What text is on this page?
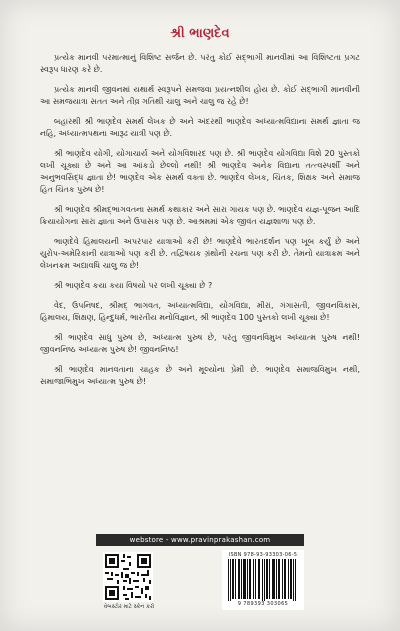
શ્રી ભાણદેવ

પ્રત્યેક માનવી પરમાત્માનું વિશિષ્ટ સર્જન છે. પરંતુ કોઈ સદ્ભાગી માનવીમાં આ વિશિષ્ટતા પ્રગટ સ્વરૂપ ધારણ કરે છે.

પ્રત્યેક માનવી જીવનમાં યથાર્થ સ્વરૂપને સમજવા પ્રયત્નશીલ હોય છે. કોઈ સદ્ભાગી માનવીની આ સમજયાત્રા સતત અને તીવ્ર ગતિથી ચાલુ અને ચાલુ જ રહે છે!

બહારથી શ્રી ભાણદેવ સમર્થ લેખક છે અને અંદરથી ભાણદેવ અધ્યાત્મવિદ્યાના સમર્થ જ્ઞાતા જ નહિ, અધ્યાત્મપથના આરૂઢ યાત્રી પણ છે.

શ્રી ભાણદેવ યોગી, યોગાચાર્ય અને યોગવિશારદ પણ છે. શ્રી ભાણદેવ યોગવિદ્યા વિશે 20 પુસ્તકો લખી ચૂક્યા છે અને આ આંકડો છેલ્લો નથી! શ્રી ભાણદેવ અનેક વિદ્યાના તત્ત્વસ્પર્શી અને અનુભવસિદ્ધ જ્ઞાતા છે! ભાણદેવ એક સમર્થ વક્તા છે. ભાણદેવ લેખક, ચિંતક, શિક્ષક અને સમાજ હિત ચિંતક પુરુષ છે!

શ્રી ભાણદેવ શ્રીમદ્ભાગવતના સમર્થ કથાકાર અને સારા ગાયક પણ છે. ભાણદેવ યજ્ઞ-પૂજન આદિ ક્રિયાયોગના સારા જ્ઞાતા અને ઉપાસક પણ છે. આશ્રમમાં એક જીવંત યજ્ઞશાળા પણ છે.

ભાણદેવે હિમાલયની અપરંપાર યાત્રાઓ કરી છે! ભાણદેવે ભારતદર્શન પણ ખૂબ કર્યું છે અને યુરોપ-અમેરિકાની યાત્રાઓ પણ કરી છે. તદ્વિષયક ગ્રંથોની રચના પણ કરી છે. તેમનો યાત્રાક્રમ અને લેખનક્રમ અદ્યાવધિ ચાલુ જ છે!

શ્રી ભાણદેવ કયા કયા વિષયો પર લખી ચૂક્યા છે ?

વેદ, ઉપનિષદ, શ્રીમદ્ ભાગવત, અધ્યાત્મવિદ્યા, યોગવિદ્યા, મીરાં, ગંગાસતી, જીવનવિકાસ, હિમાલય, શિક્ષણ, હિન્દુધર્મ, ભારતીય મનોવિજ્ઞાન, શ્રી ભાણદેવ 100 પુસ્તકો લખી ચૂક્યા છે!

શ્રી ભાણદેવ સાધુ પુરુષ છે, અધ્યાત્મ પુરુષ છે, પરંતુ જીવનવિમુખ અધ્યાત્મ પુરુષ નથી! જીવનનિષ્ઠ અધ્યાત્મ પુરુષ છે! જીવનનિષ્ઠ!

શ્રી ભાણદેવ માનવતાના ચાહક છે અને મૂલ્યોના પ્રેમી છે. ભાણદેવ સમાજવિમુખ નથી, સમાજાભિમુખ અધ્યાત્મ પુરુષ છે!

webstore - www.pravinprakashan.com
વેબસ્ટોર માટે સ્કેન કરો
ISBN 978-93-93303-06-5
9 789393 303065
